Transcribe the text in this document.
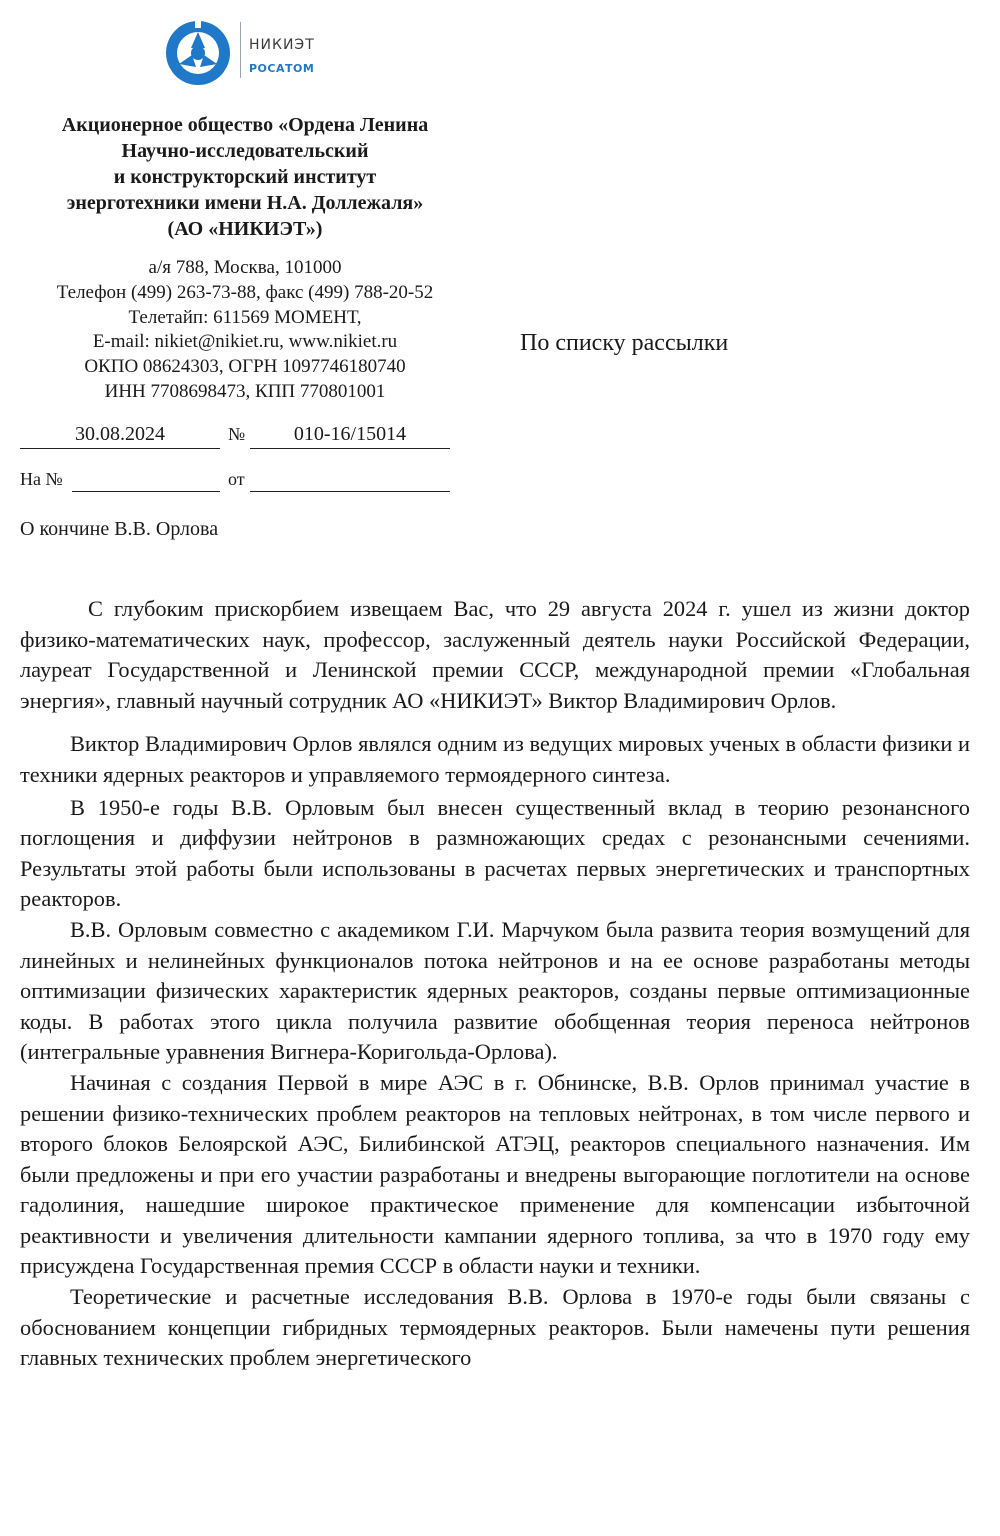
НИКИЭТ
РОСАТОМ
Акционерное общество «Ордена Ленина
Научно-исследовательский
и конструкторский институт
энерготехники имени Н.А. Доллежаля»
(АО «НИКИЭТ»)
а/я 788, Москва, 101000
Телефон (499) 263-73-88, факс (499) 788-20-52
Телетайп: 611569 МОМЕНТ,
E-mail: nikiet@nikiet.ru, www.nikiet.ru
ОКПО 08624303, ОГРН 1097746180740
ИНН 7708698473, КПП 770801001
По списку рассылки
30.08.2024	№	010-16/15014
На №	от
О кончине В.В. Орлова

С глубоким прискорбием извещаем Вас, что 29 августа 2024 г. ушел из жизни доктор физико-математических наук, профессор, заслуженный деятель науки Российской Федерации, лауреат Государственной и Ленинской премии СССР, международной премии «Глобальная энергия», главный научный сотрудник АО «НИКИЭТ» Виктор Владимирович Орлов.

Виктор Владимирович Орлов являлся одним из ведущих мировых ученых в области физики и техники ядерных реакторов и управляемого термоядерного синтеза.

В 1950-е годы В.В. Орловым был внесен существенный вклад в теорию резонансного поглощения и диффузии нейтронов в размножающих средах с резонансными сечениями. Результаты этой работы были использованы в расчетах первых энергетических и транспортных реакторов.

В.В. Орловым совместно с академиком Г.И. Марчуком была развита теория возмущений для линейных и нелинейных функционалов потока нейтронов и на ее основе разработаны методы оптимизации физических характеристик ядерных реакторов, созданы первые оптимизационные коды. В работах этого цикла получила развитие обобщенная теория переноса нейтронов (интегральные уравнения Вигнера-Коригольда-Орлова).

Начиная с создания Первой в мире АЭС в г. Обнинске, В.В. Орлов принимал участие в решении физико-технических проблем реакторов на тепловых нейтронах, в том числе первого и второго блоков Белоярской АЭС, Билибинской АТЭЦ, реакторов специального назначения. Им были предложены и при его участии разработаны и внедрены выгорающие поглотители на основе гадолиния, нашедшие широкое практическое применение для компенсации избыточной реактивности и увеличения длительности кампании ядерного топлива, за что в 1970 году ему присуждена Государственная премия СССР в области науки и техники.

Теоретические и расчетные исследования В.В. Орлова в 1970-е годы были связаны с обоснованием концепции гибридных термоядерных реакторов. Были намечены пути решения главных технических проблем энергетического
